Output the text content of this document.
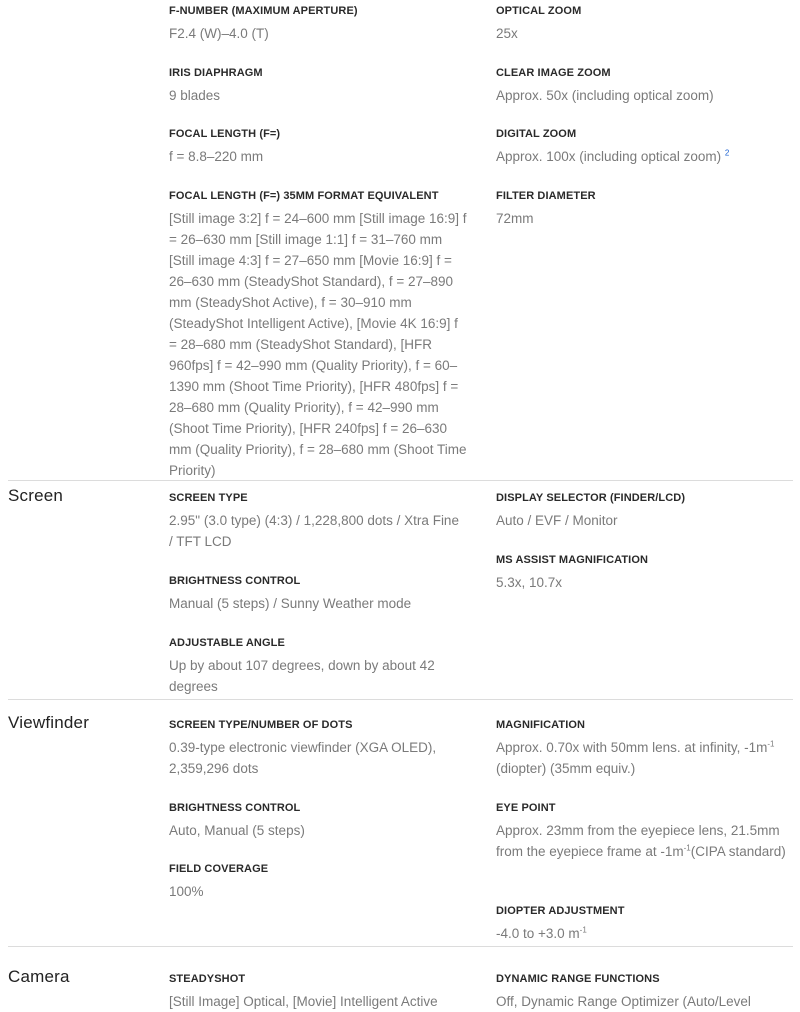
F-NUMBER (MAXIMUM APERTURE)
F2.4 (W)–4.0 (T)
IRIS DIAPHRAGM
9 blades
FOCAL LENGTH (F=)
f = 8.8–220 mm
FOCAL LENGTH (F=) 35MM FORMAT EQUIVALENT
[Still image 3:2] f = 24–600 mm [Still image 16:9] f = 26–630 mm [Still image 1:1] f = 31–760 mm [Still image 4:3] f = 27–650 mm [Movie 16:9] f = 26–630 mm (SteadyShot Standard), f = 27–890 mm (SteadyShot Active), f = 30–910 mm (SteadyShot Intelligent Active), [Movie 4K 16:9] f = 28–680 mm (SteadyShot Standard), [HFR 960fps] f = 42–990 mm (Quality Priority), f = 60–1390 mm (Shoot Time Priority), [HFR 480fps] f = 28–680 mm (Quality Priority), f = 42–990 mm (Shoot Time Priority), [HFR 240fps] f = 26–630 mm (Quality Priority), f = 28–680 mm (Shoot Time Priority)
OPTICAL ZOOM
25x
CLEAR IMAGE ZOOM
Approx. 50x (including optical zoom)
DIGITAL ZOOM
Approx. 100x (including optical zoom) $^2$
FILTER DIAMETER
72mm
Screen	SCREEN TYPE
2.95" (3.0 type) (4:3) / 1,228,800 dots / Xtra Fine / TFT LCD
BRIGHTNESS CONTROL
Manual (5 steps) / Sunny Weather mode
ADJUSTABLE ANGLE
Up by about 107 degrees, down by about 42 degrees
DISPLAY SELECTOR (FINDER/LCD)
Auto / EVF / Monitor
MS ASSIST MAGNIFICATION
5.3x, 10.7x
Viewfinder	SCREEN TYPE/NUMBER OF DOTS
0.39-type electronic viewfinder (XGA OLED), 2,359,296 dots
BRIGHTNESS CONTROL
Auto, Manual (5 steps)
FIELD COVERAGE
100%
MAGNIFICATION
Approx. 0.70x with 50mm lens. at infinity, $-1m^{-1}$ (diopter) (35mm equiv.)
EYE POINT
Approx. 23mm from the eyepiece lens, 21.5mm from the eyepiece frame at $-1m^{-1}(CIPA$ standard)
DIOPTER ADJUSTMENT
-4.0 to +3.0 $m^{-1}$
Camera	STEADYSHOT
[Still Image] Optical, [Movie] Intelligent Active
DYNAMIC RANGE FUNCTIONS
Off, Dynamic Range Optimizer (Auto/Level
